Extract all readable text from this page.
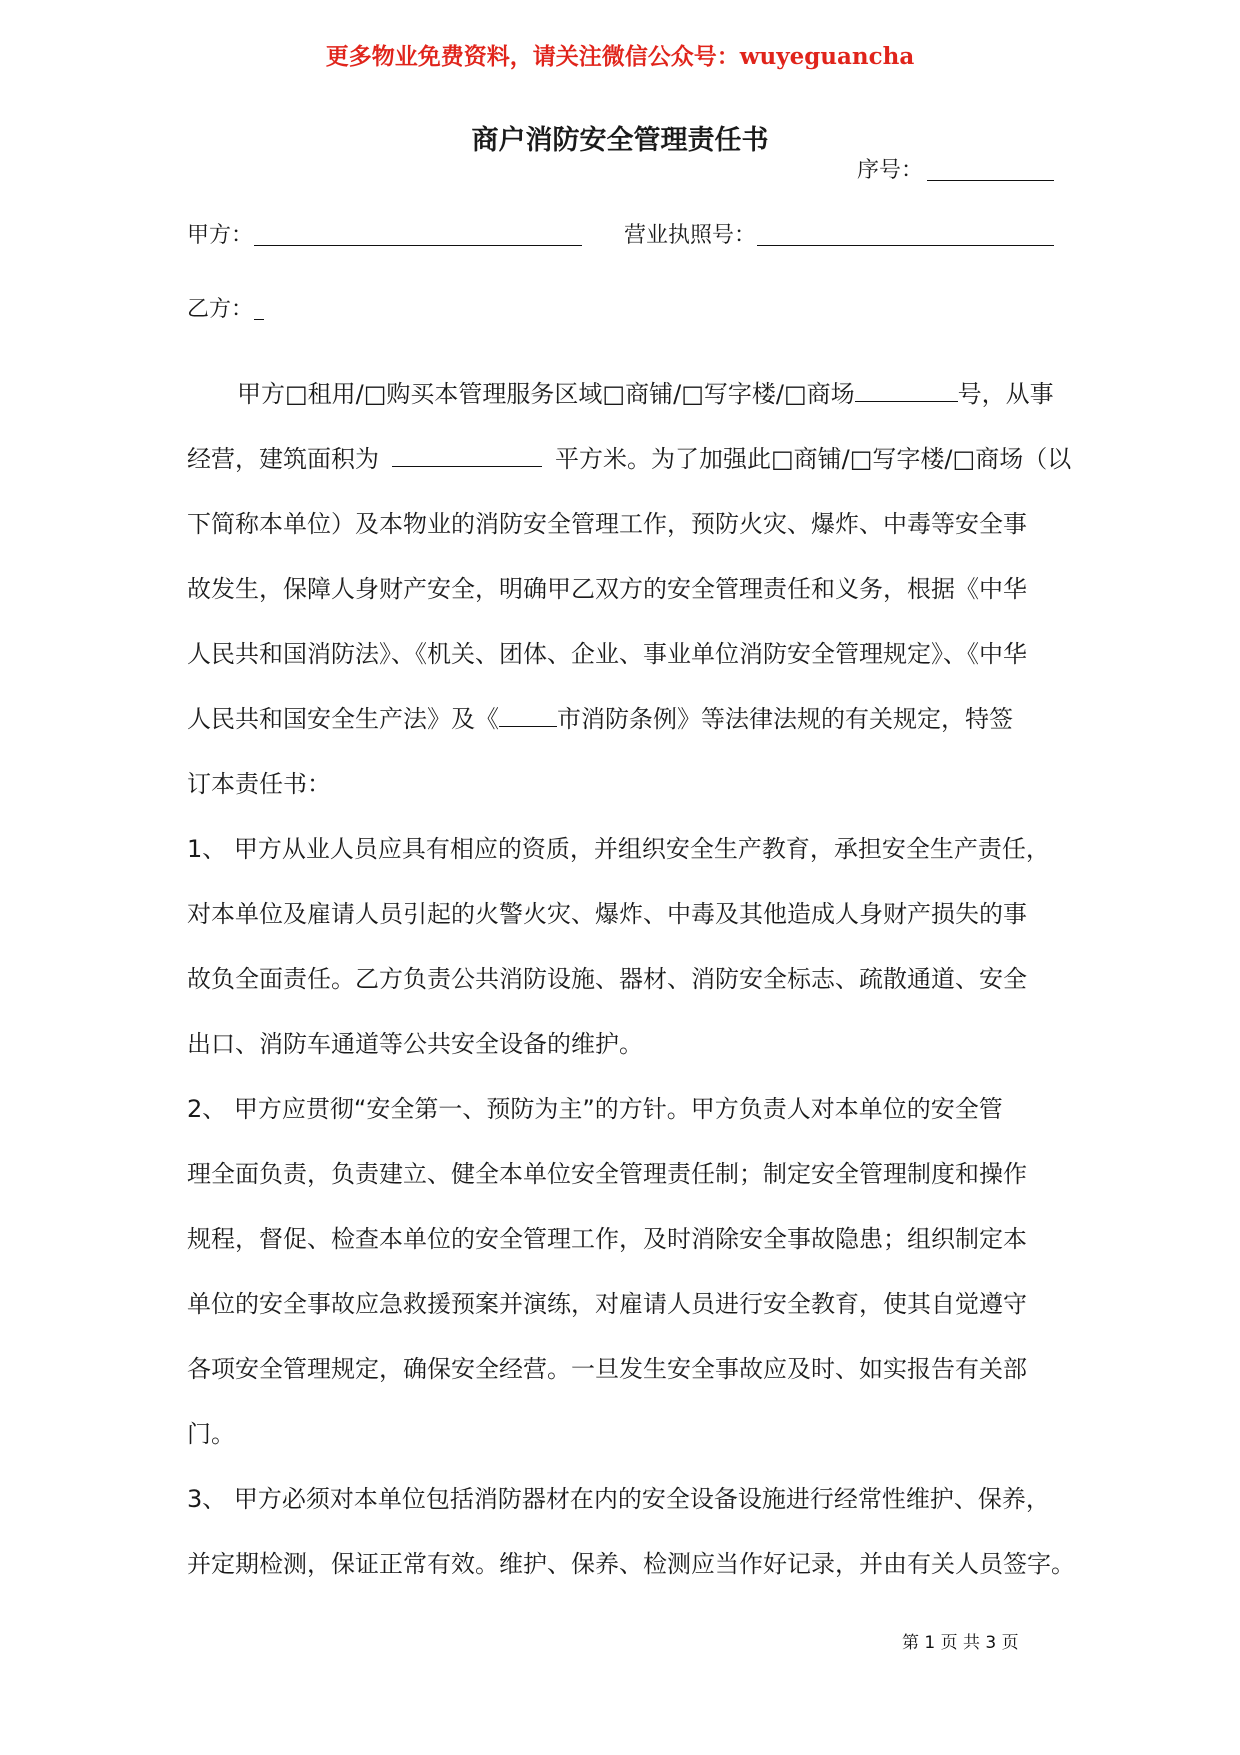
更多物业免费资料，请关注微信公众号：wuyeguancha
商户消防安全管理责任书
序号：
甲方：	营业执照号：
乙方：
甲方□租用/□购买本管理服务区域□商铺/□写字楼/□商场	号，从事
经营，建筑面积为	平方米。为了加强此□商铺/□写字楼/□商场（以
下简称本单位）及本物业的消防安全管理工作，预防火灾、爆炸、中毒等安全事
故发生，保障人身财产安全，明确甲乙双方的安全管理责任和义务，根据《中华
人民共和国消防法》、《机关、团体、企业、事业单位消防安全管理规定》、《中华
人民共和国安全生产法》及《 市消防条例》等法律法规的有关规定，特签
订本责任书：
1、 甲方从业人员应具有相应的资质，并组织安全生产教育，承担安全生产责任，
对本单位及雇请人员引起的火警火灾、爆炸、中毒及其他造成人身财产损失的事
故负全面责任。乙方负责公共消防设施、器材、消防安全标志、疏散通道、安全
出口、消防车通道等公共安全设备的维护。
2、 甲方应贯彻“安全第一、预防为主”的方针。甲方负责人对本单位的安全管
理全面负责，负责建立、健全本单位安全管理责任制；制定安全管理制度和操作
规程，督促、检查本单位的安全管理工作，及时消除安全事故隐患；组织制定本
单位的安全事故应急救援预案并演练，对雇请人员进行安全教育，使其自觉遵守
各项安全管理规定，确保安全经营。一旦发生安全事故应及时、如实报告有关部
门。
3、 甲方必须对本单位包括消防器材在内的安全设备设施进行经常性维护、保养，
并定期检测，保证正常有效。维护、保养、检测应当作好记录，并由有关人员签字。
第 1 页 共 3 页
